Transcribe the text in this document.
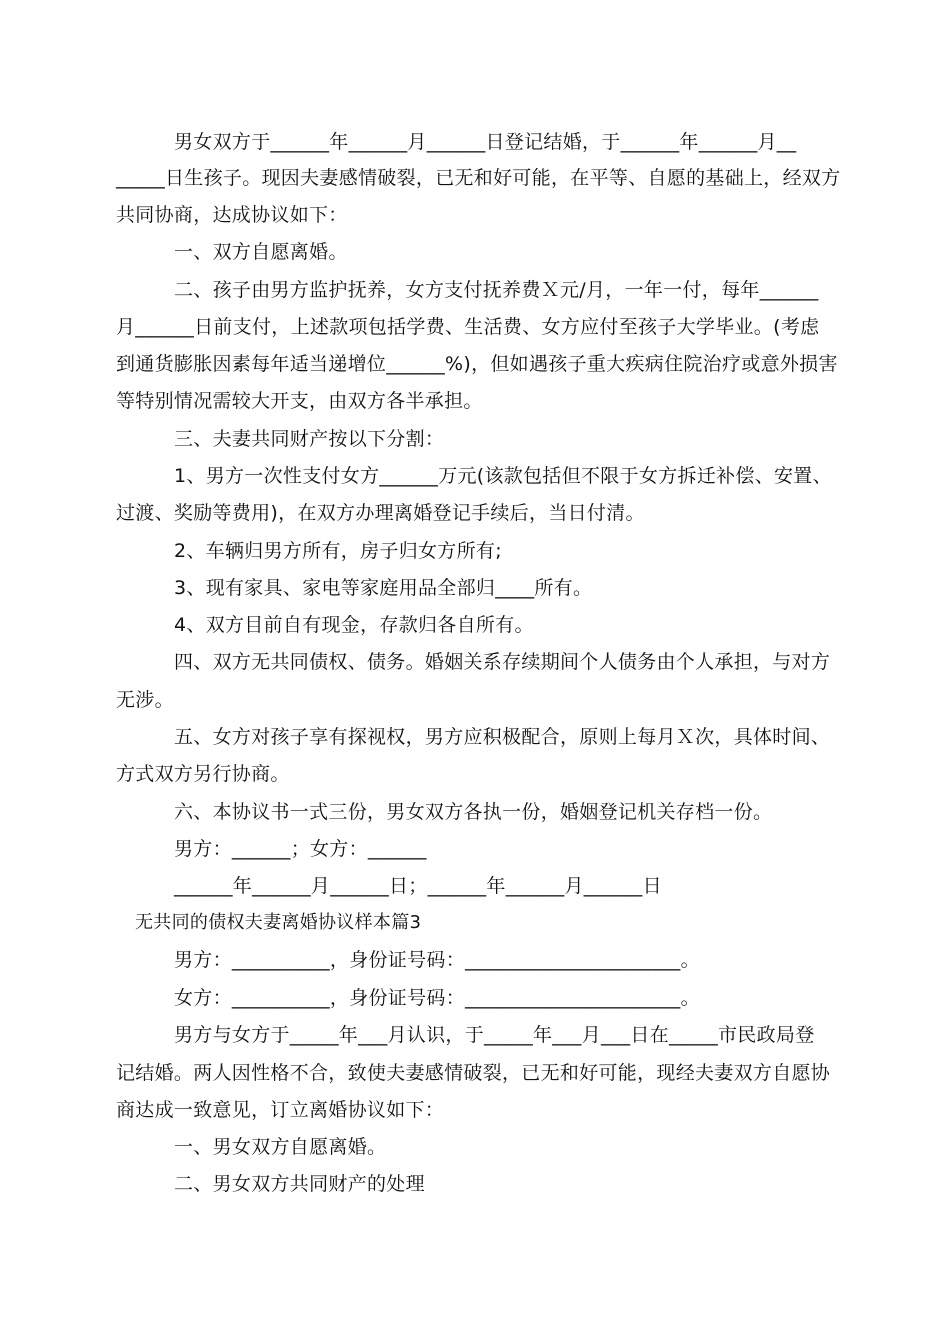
男女双方于______年______月______日登记结婚，于______年______月__

_____日生孩子。现因夫妻感情破裂，已无和好可能，在平等、自愿的基础上，经双方

共同协商，达成协议如下：

一、双方自愿离婚。

二、孩子由男方监护抚养，女方支付抚养费Ｘ元/月，一年一付，每年______

月______日前支付，上述款项包括学费、生活费、女方应付至孩子大学毕业。(考虑

到通货膨胀因素每年适当递增位______%)，但如遇孩子重大疾病住院治疗或意外损害

等特别情况需较大开支，由双方各半承担。

三、夫妻共同财产按以下分割：

1、男方一次性支付女方______万元(该款包括但不限于女方拆迁补偿、安置、

过渡、奖励等费用)，在双方办理离婚登记手续后，当日付清。

2、车辆归男方所有，房子归女方所有;

3、现有家具、家电等家庭用品全部归____所有。

4、双方目前自有现金，存款归各自所有。

四、双方无共同债权、债务。婚姻关系存续期间个人债务由个人承担，与对方

无涉。

五、女方对孩子享有探视权，男方应积极配合，原则上每月Ｘ次，具体时间、

方式双方另行协商。

六、本协议书一式三份，男女双方各执一份，婚姻登记机关存档一份。

男方：______；女方：______

______年______月______日；______年______月______日

无共同的债权夫妻离婚协议样本篇3

男方：__________，身份证号码：______________________。

女方：__________，身份证号码：______________________。

男方与女方于_____年___月认识，于_____年___月___日在_____市民政局登

记结婚。两人因性格不合，致使夫妻感情破裂，已无和好可能，现经夫妻双方自愿协

商达成一致意见，订立离婚协议如下：

一、男女双方自愿离婚。

二、男女双方共同财产的处理
